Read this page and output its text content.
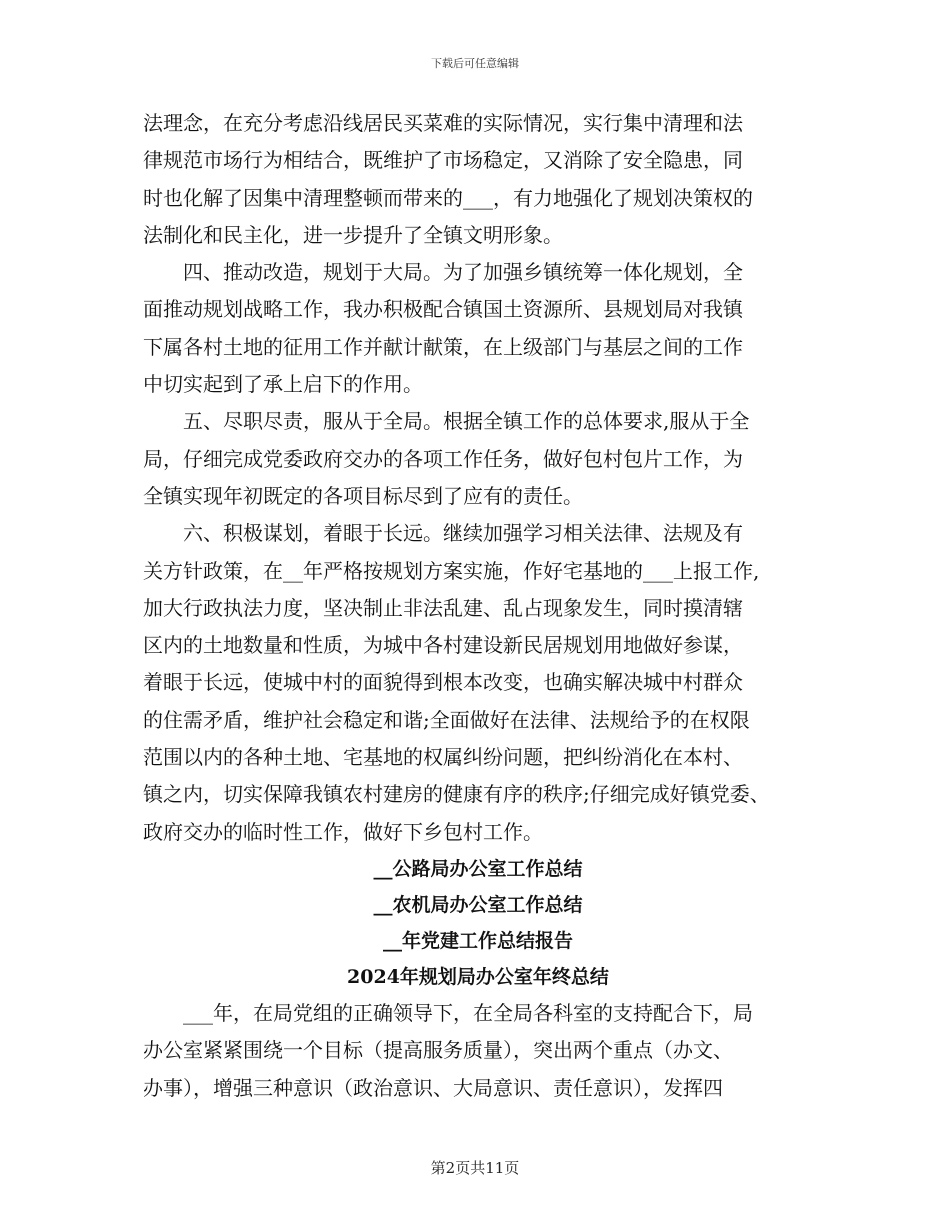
下载后可任意编辑
法理念，在充分考虑沿线居民买菜难的实际情况，实行集中清理和法
律规范市场行为相结合，既维护了市场稳定，又消除了安全隐患，同
时也化解了因集中清理整顿而带来的___，有力地强化了规划决策权的
法制化和民主化，进一步提升了全镇文明形象。
　　四、推动改造，规划于大局。为了加强乡镇统筹一体化规划，全
面推动规划战略工作，我办积极配合镇国土资源所、县规划局对我镇
下属各村土地的征用工作并献计献策，在上级部门与基层之间的工作
中切实起到了承上启下的作用。
　　五、尽职尽责，服从于全局。根据全镇工作的总体要求,服从于全
局，仔细完成党委政府交办的各项工作任务，做好包村包片工作，为
全镇实现年初既定的各项目标尽到了应有的责任。
　　六、积极谋划，着眼于长远。继续加强学习相关法律、法规及有
关方针政策，在__年严格按规划方案实施，作好宅基地的___上报工作,
加大行政执法力度，坚决制止非法乱建、乱占现象发生，同时摸清辖
区内的土地数量和性质，为城中各村建设新民居规划用地做好参谋，
着眼于长远，使城中村的面貌得到根本改变，也确实解决城中村群众
的住需矛盾，维护社会稳定和谐;全面做好在法律、法规给予的在权限
范围以内的各种土地、宅基地的权属纠纷问题，把纠纷消化在本村、
镇之内，切实保障我镇农村建房的健康有序的秩序;仔细完成好镇党委、
政府交办的临时性工作，做好下乡包村工作。
__公路局办公室工作总结
__农机局办公室工作总结
__年党建工作总结报告
2024年规划局办公室年终总结
　　___年，在局党组的正确领导下，在全局各科室的支持配合下，局
办公室紧紧围绕一个目标（提高服务质量），突出两个重点（办文、
办事），增强三种意识（政治意识、大局意识、责任意识），发挥四
第2页共11页
